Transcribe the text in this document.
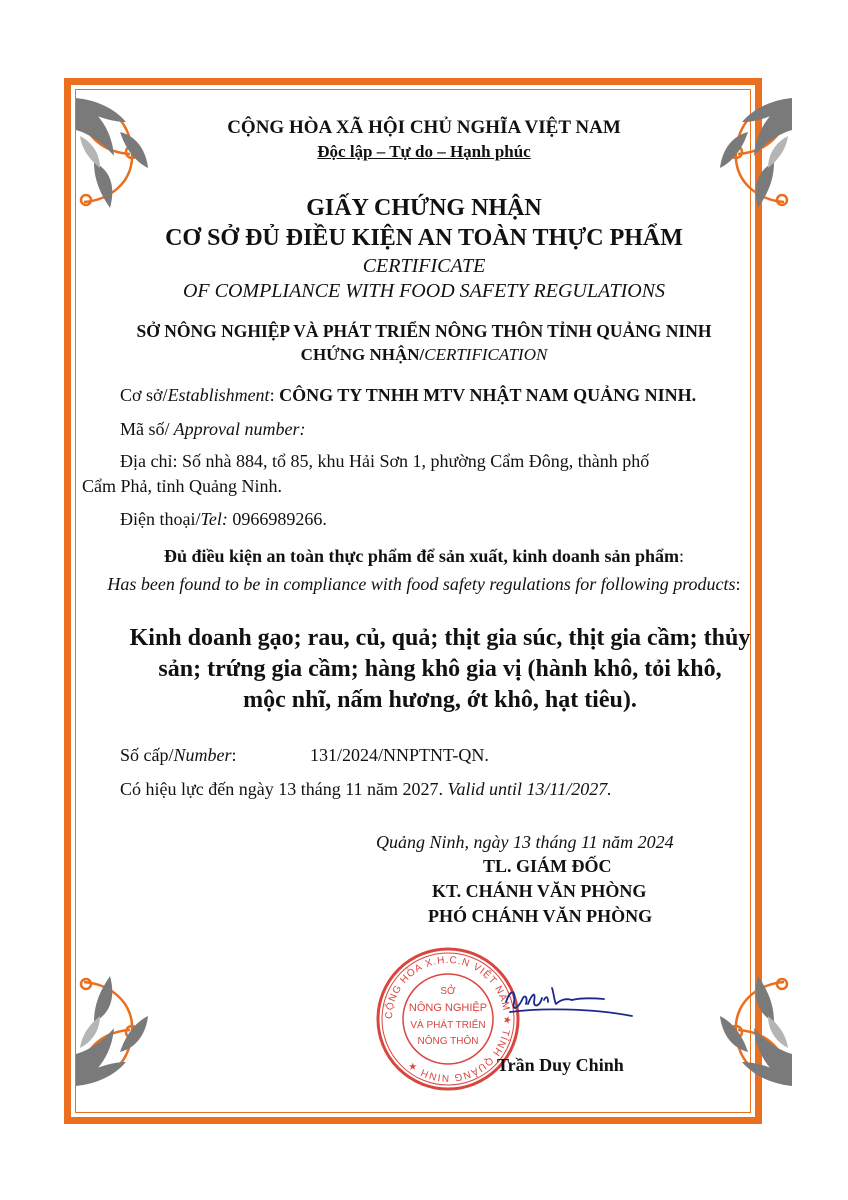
CỘNG HÒA XÃ HỘI CHỦ NGHĨA VIỆT NAM
Độc lập – Tự do – Hạnh phúc
GIẤY CHỨNG NHẬN
CƠ SỞ ĐỦ ĐIỀU KIỆN AN TOÀN THỰC PHẨM
CERTIFICATE
OF COMPLIANCE WITH FOOD SAFETY REGULATIONS
SỞ NÔNG NGHIỆP VÀ PHÁT TRIỂN NÔNG THÔN TỈNH QUẢNG NINH
CHỨNG NHẬN/CERTIFICATION
Cơ sở/Establishment: CÔNG TY TNHH MTV NHẬT NAM QUẢNG NINH.
Mã số/ Approval number:
Địa chỉ: Số nhà 884, tổ 85, khu Hải Sơn 1, phường Cẩm Đông, thành phố
Cẩm Phả, tỉnh Quảng Ninh.
Điện thoại/Tel: 0966989266.
Đủ điều kiện an toàn thực phẩm để sản xuất, kinh doanh sản phẩm:
Has been found to be in compliance with food safety regulations for following products:
Kinh doanh gạo; rau, củ, quả; thịt gia súc, thịt gia cầm; thủy
sản; trứng gia cầm; hàng khô gia vị (hành khô, tỏi khô,
mộc nhĩ, nấm hương, ớt khô, hạt tiêu).
Số cấp/Number:	131/2024/NNPTNT-QN.
Có hiệu lực đến ngày 13 tháng 11 năm 2027. Valid until 13/11/2027.
Quảng Ninh, ngày 13 tháng 11 năm 2024
TL. GIÁM ĐỐC
KT. CHÁNH VĂN PHÒNG
PHÓ CHÁNH VĂN PHÒNG
CỘNG HÒA X.H.C.N VIỆT NAM ★ TỈNH QUẢNG NINH ★
SỞ
NÔNG NGHIỆP
VÀ PHÁT TRIỂN
NÔNG THÔN
Trần Duy Chinh
